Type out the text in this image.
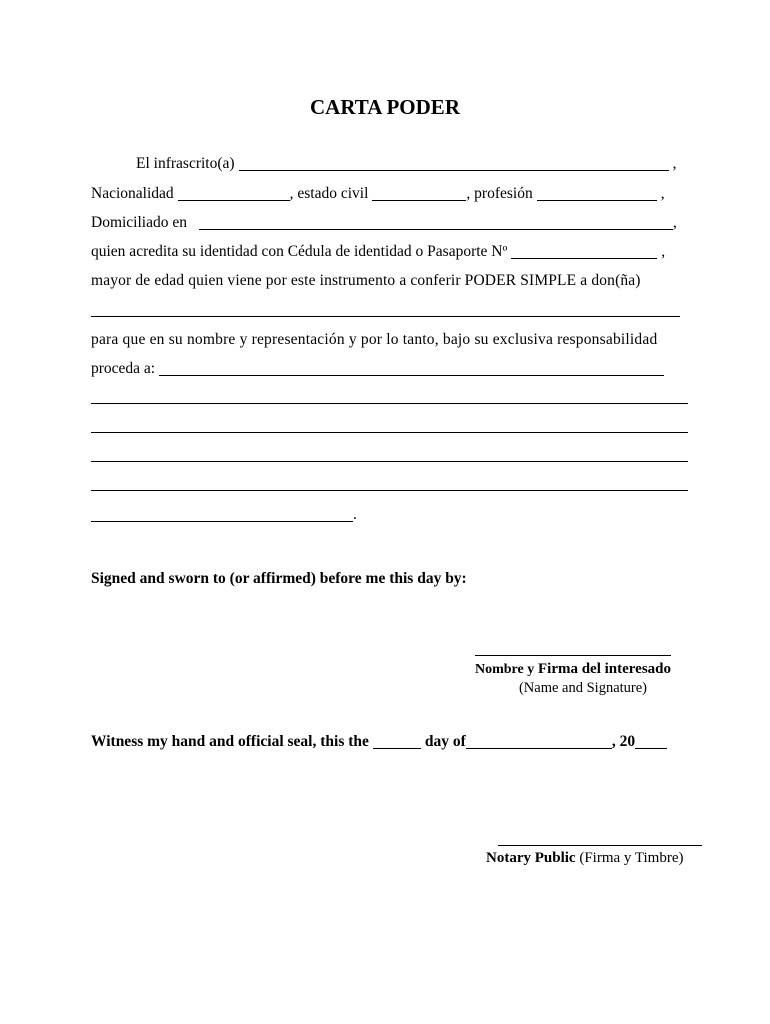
CARTA PODER
El infrascrito(a)	,
Nacionalidad	, estado civil	, profesión	,
Domiciliado en	,
quien acredita su identidad con Cédula de identidad o Pasaporte Nº	,
mayor de edad quien viene por este instrumento a conferir PODER SIMPLE a don(ña)
para que en su nombre y representación y por lo tanto, bajo su exclusiva responsabilidad
proceda a:
.
Signed and sworn to (or affirmed) before me this day by:
Nombre y Firma del interesado
(Name and Signature)
Witness my hand and official seal, this the	day of	, 20
Notary Public (Firma y Timbre)
